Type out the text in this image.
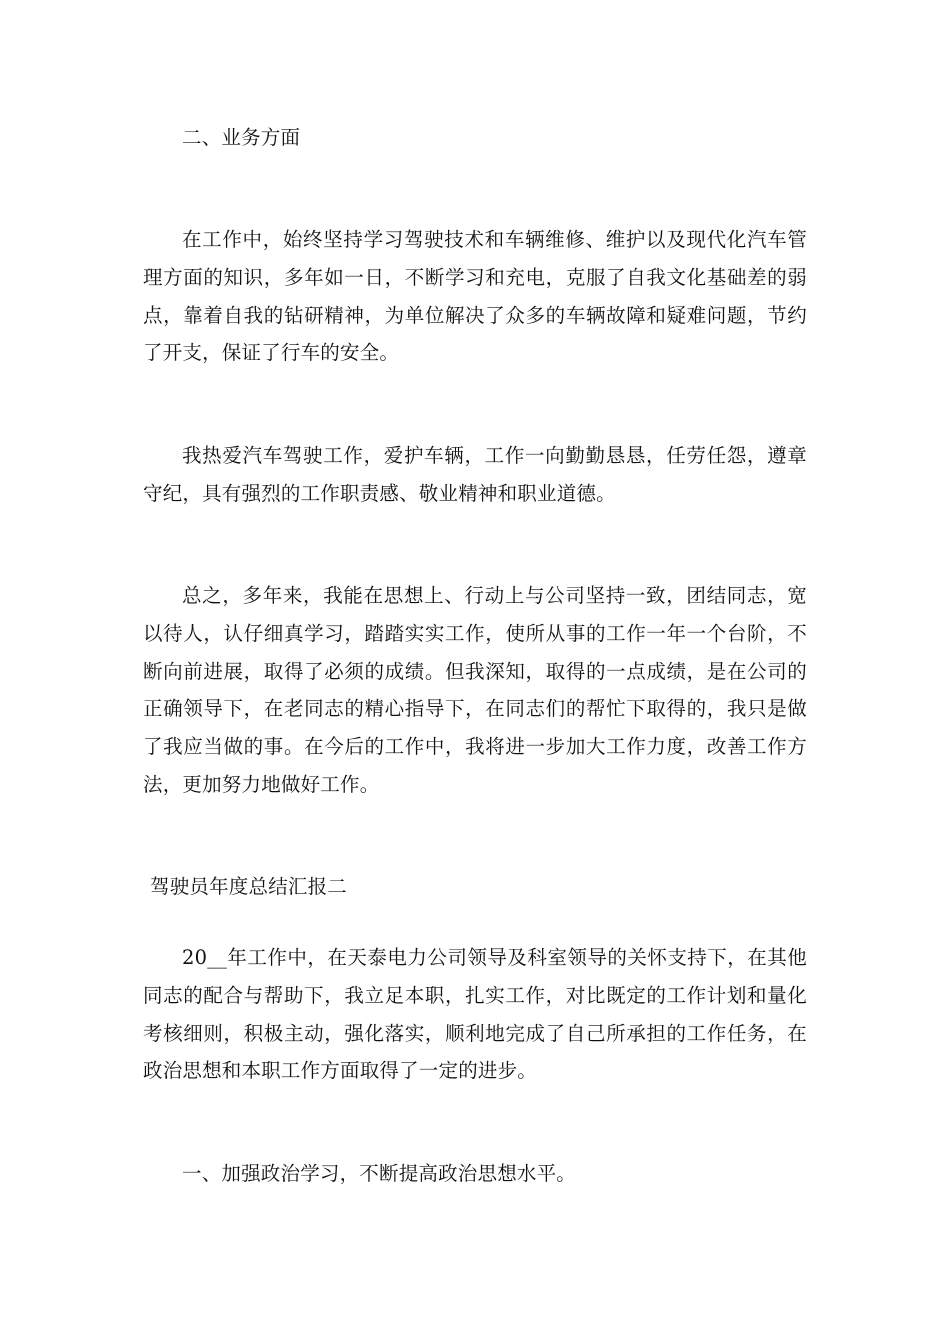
二、业务方面

在工作中，始终坚持学习驾驶技术和车辆维修、维护以及现代化汽车管理方面的知识，多年如一日，不断学习和充电，克服了自我文化基础差的弱点，靠着自我的钻研精神，为单位解决了众多的车辆故障和疑难问题，节约了开支，保证了行车的安全。

我热爱汽车驾驶工作，爱护车辆，工作一向勤勤恳恳，任劳任怨，遵章守纪，具有强烈的工作职责感、敬业精神和职业道德。

总之，多年来，我能在思想上、行动上与公司坚持一致，团结同志，宽以待人，认仔细真学习，踏踏实实工作，使所从事的工作一年一个台阶，不断向前进展，取得了必须的成绩。但我深知，取得的一点成绩，是在公司的正确领导下，在老同志的精心指导下，在同志们的帮忙下取得的，我只是做了我应当做的事。在今后的工作中，我将进一步加大工作力度，改善工作方法，更加努力地做好工作。

驾驶员年度总结汇报二

20__年工作中，在天泰电力公司领导及科室领导的关怀支持下，在其他同志的配合与帮助下，我立足本职，扎实工作，对比既定的工作计划和量化考核细则，积极主动，强化落实，顺利地完成了自己所承担的工作任务，在政治思想和本职工作方面取得了一定的进步。

一、加强政治学习，不断提高政治思想水平。
